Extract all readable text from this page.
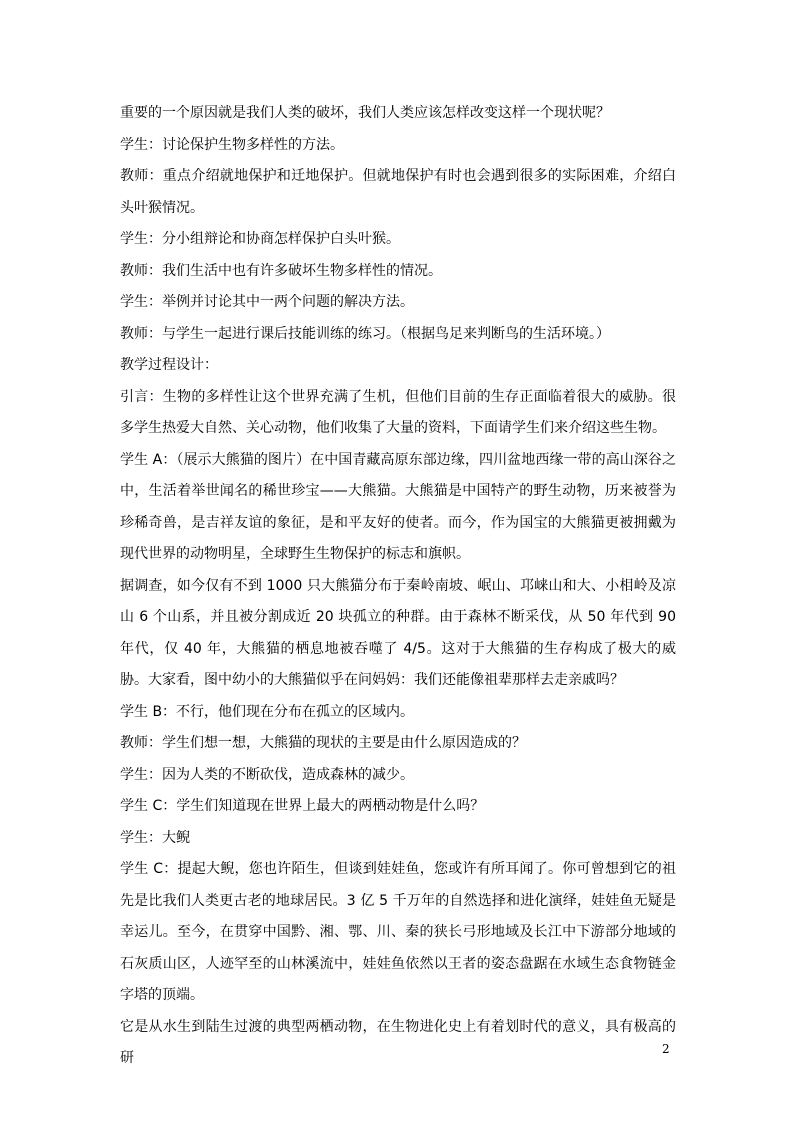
重要的一个原因就是我们人类的破坏，我们人类应该怎样改变这样一个现状呢？

学生：讨论保护生物多样性的方法。

教师：重点介绍就地保护和迁地保护。但就地保护有时也会遇到很多的实际困难，介绍白头叶猴情况。

学生：分小组辩论和协商怎样保护白头叶猴。

教师：我们生活中也有许多破坏生物多样性的情况。

学生：举例并讨论其中一两个问题的解决方法。

教师：与学生一起进行课后技能训练的练习。（根据鸟足来判断鸟的生活环境。）

教学过程设计：

引言：生物的多样性让这个世界充满了生机，但他们目前的生存正面临着很大的威胁。很多学生热爱大自然、关心动物，他们收集了大量的资料，下面请学生们来介绍这些生物。

学生 A：（展示大熊猫的图片）在中国青藏高原东部边缘，四川盆地西缘一带的高山深谷之中，生活着举世闻名的稀世珍宝——大熊猫。大熊猫是中国特产的野生动物，历来被誉为珍稀奇兽，是吉祥友谊的象征，是和平友好的使者。而今，作为国宝的大熊猫更被拥戴为现代世界的动物明星，全球野生生物保护的标志和旗帜。

据调查，如今仅有不到 1000 只大熊猫分布于秦岭南坡、岷山、邛崃山和大、小相岭及凉山 6 个山系，并且被分割成近 20 块孤立的种群。由于森林不断采伐，从 50 年代到 90 年代，仅 40 年，大熊猫的栖息地被吞噬了 4/5。这对于大熊猫的生存构成了极大的威胁。大家看，图中幼小的大熊猫似乎在问妈妈：我们还能像祖辈那样去走亲戚吗？

学生 B：不行，他们现在分布在孤立的区域内。

教师：学生们想一想，大熊猫的现状的主要是由什么原因造成的？

学生：因为人类的不断砍伐，造成森林的减少。

学生 C：学生们知道现在世界上最大的两栖动物是什么吗？

学生：大鲵

学生 C：提起大鲵，您也许陌生，但谈到娃娃鱼，您或许有所耳闻了。你可曾想到它的祖先是比我们人类更古老的地球居民。3 亿 5 千万年的自然选择和进化演绎，娃娃鱼无疑是幸运儿。至今，在贯穿中国黔、湘、鄂、川、秦的狭长弓形地域及长江中下游部分地域的石灰质山区，人迹罕至的山林溪流中，娃娃鱼依然以王者的姿态盘踞在水域生态食物链金字塔的顶端。

它是从水生到陆生过渡的典型两栖动物，在生物进化史上有着划时代的意义，具有极高的研

2
